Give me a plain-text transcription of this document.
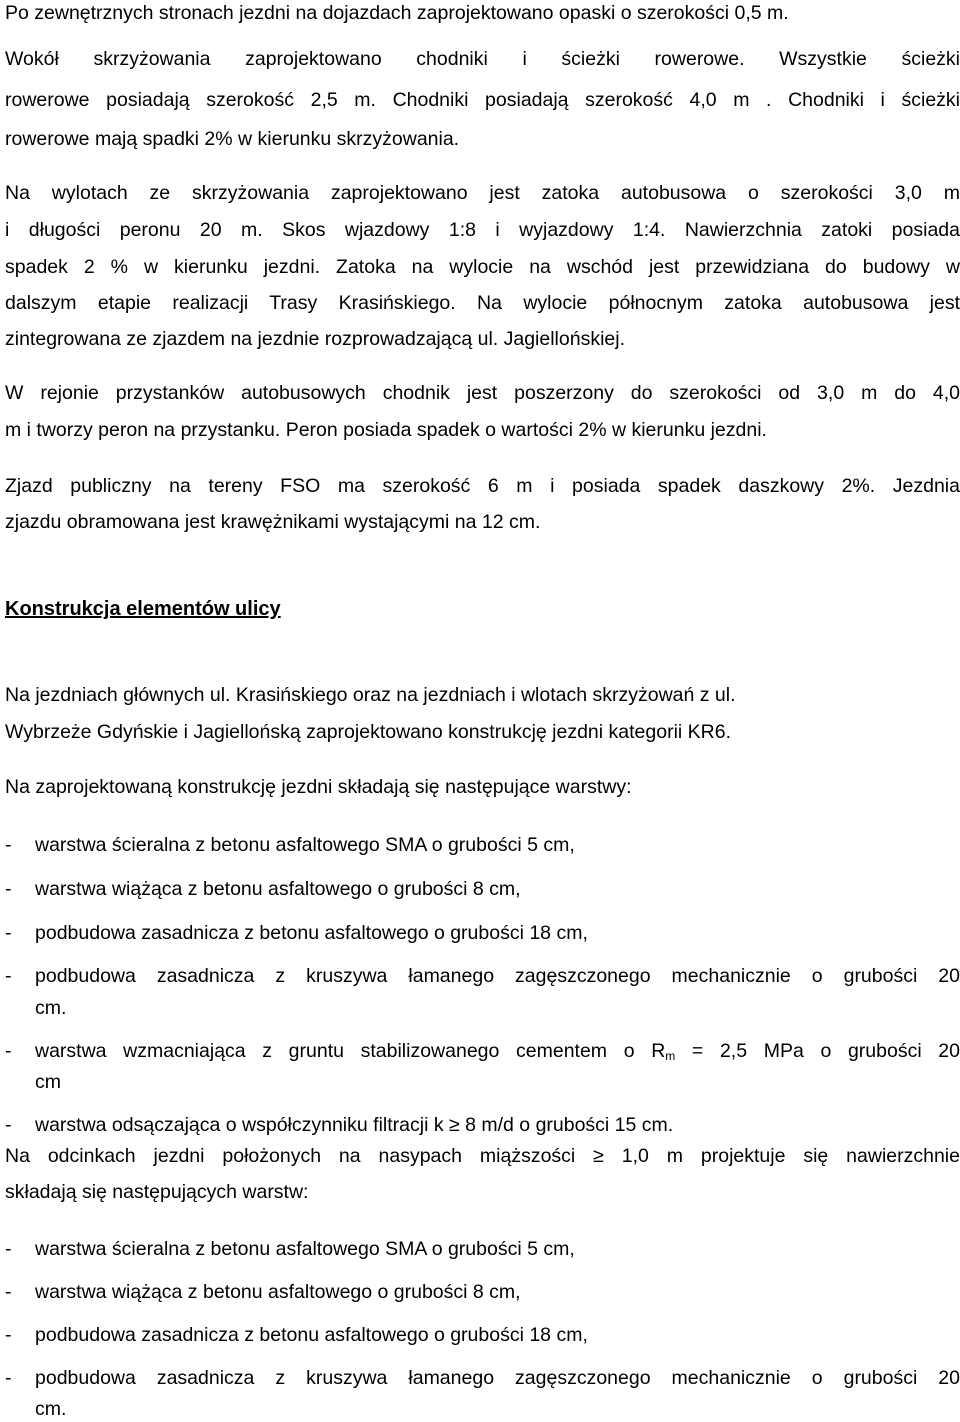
Po zewnętrznych stronach jezdni na dojazdach zaprojektowano opaski o szerokości 0,5 m.
Wokół skrzyżowania zaprojektowano chodniki i ścieżki rowerowe. Wszystkie ścieżki
rowerowe posiadają szerokość 2,5 m. Chodniki posiadają szerokość 4,0 m . Chodniki i ścieżki
rowerowe mają spadki 2% w kierunku skrzyżowania.
Na wylotach ze skrzyżowania zaprojektowano jest zatoka autobusowa o szerokości 3,0 m
i długości peronu 20 m. Skos wjazdowy 1:8 i wyjazdowy 1:4. Nawierzchnia zatoki posiada
spadek 2 % w kierunku jezdni. Zatoka na wylocie na wschód jest przewidziana do budowy w
dalszym etapie realizacji Trasy Krasińskiego. Na wylocie północnym zatoka autobusowa jest
zintegrowana ze zjazdem na jezdnie rozprowadzającą ul. Jagiellońskiej.
W rejonie przystanków autobusowych chodnik jest poszerzony do szerokości od 3,0 m do 4,0
m i tworzy peron na przystanku. Peron posiada spadek o wartości 2% w kierunku jezdni.
Zjazd publiczny na tereny FSO ma szerokość 6 m i posiada spadek daszkowy 2%. Jezdnia
zjazdu obramowana jest krawężnikami wystającymi na 12 cm.
Konstrukcja elementów ulicy
Na jezdniach głównych ul. Krasińskiego oraz na jezdniach i wlotach skrzyżowań z ul.
Wybrzeże Gdyńskie i Jagiellońską zaprojektowano konstrukcję jezdni kategorii KR6.
Na zaprojektowaną konstrukcję jezdni składają się następujące warstwy:
- warstwa ścieralna z betonu asfaltowego SMA o grubości 5 cm,
- warstwa wiążąca z betonu asfaltowego o grubości 8 cm,
- podbudowa zasadnicza z betonu asfaltowego o grubości 18 cm,
- podbudowa zasadnicza z kruszywa łamanego zagęszczonego mechanicznie o grubości 20
cm.
- warstwa wzmacniająca z gruntu stabilizowanego cementem o $R_m = 2,5$ MPa o grubości 20
cm
- warstwa odsączająca o współczynniku filtracji k ≥ 8 m/d o grubości 15 cm.
Na odcinkach jezdni położonych na nasypach miąższości ≥ 1,0 m projektuje się nawierzchnie
składają się następujących warstw:
- warstwa ścieralna z betonu asfaltowego SMA o grubości 5 cm,
- warstwa wiążąca z betonu asfaltowego o grubości 8 cm,
- podbudowa zasadnicza z betonu asfaltowego o grubości 18 cm,
- podbudowa zasadnicza z kruszywa łamanego zagęszczonego mechanicznie o grubości 20
cm.
